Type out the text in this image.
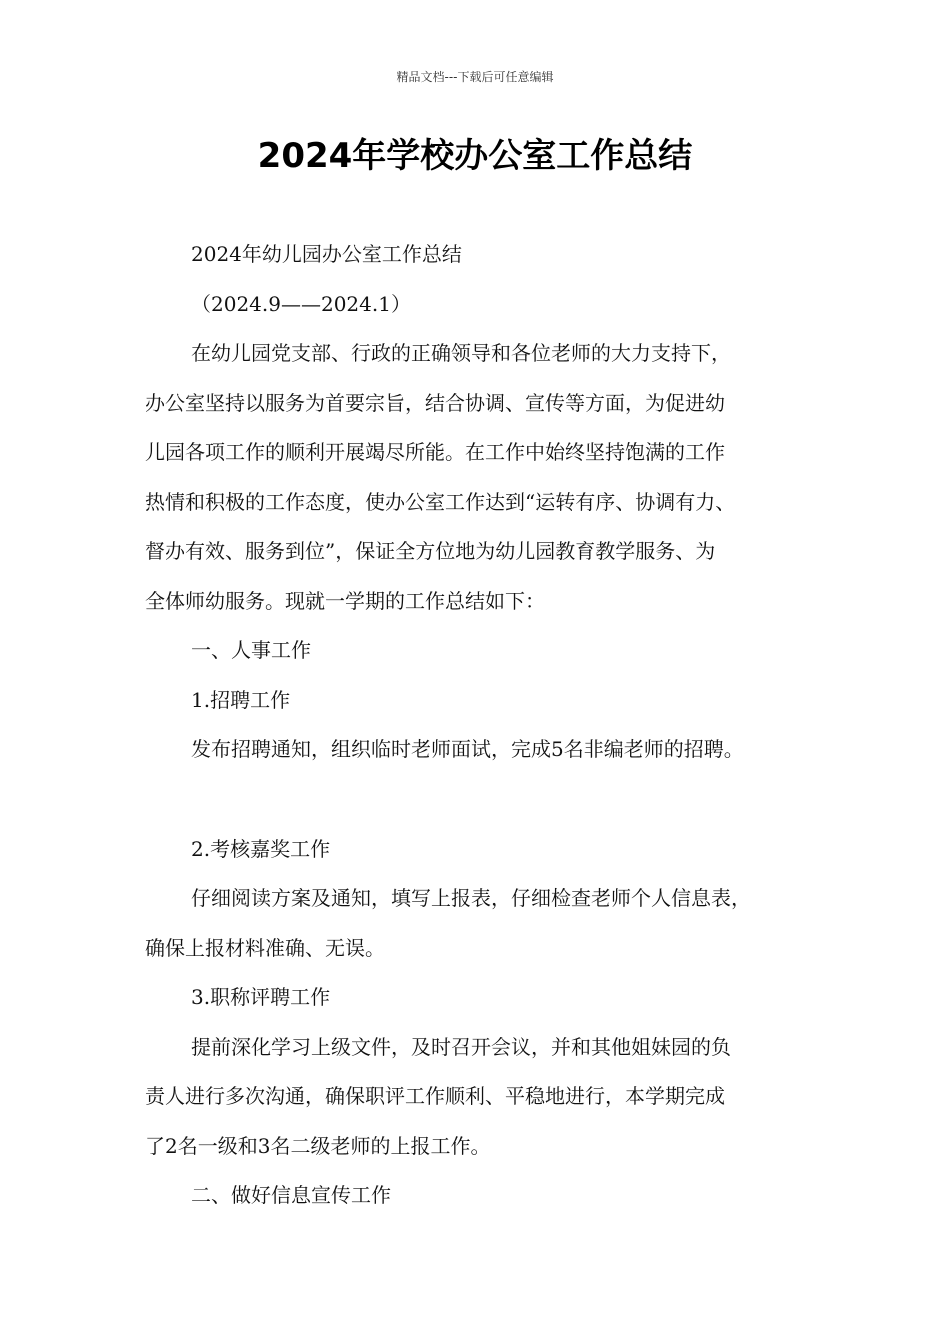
精品文档---下载后可任意编辑
2024年学校办公室工作总结

2024年幼儿园办公室工作总结

（2024.9——2024.1）

在幼儿园党支部、行政的正确领导和各位老师的大力支持下，

办公室坚持以服务为首要宗旨，结合协调、宣传等方面，为促进幼

儿园各项工作的顺利开展竭尽所能。在工作中始终坚持饱满的工作

热情和积极的工作态度，使办公室工作达到“运转有序、协调有力、

督办有效、服务到位”，保证全方位地为幼儿园教育教学服务、为

全体师幼服务。现就一学期的工作总结如下：

一、人事工作

1.招聘工作

发布招聘通知，组织临时老师面试，完成5名非编老师的招聘。

2.考核嘉奖工作

仔细阅读方案及通知，填写上报表，仔细检查老师个人信息表，

确保上报材料准确、无误。

3.职称评聘工作

提前深化学习上级文件，及时召开会议，并和其他姐妹园的负

责人进行多次沟通，确保职评工作顺利、平稳地进行，本学期完成

了2名一级和3名二级老师的上报工作。

二、做好信息宣传工作
